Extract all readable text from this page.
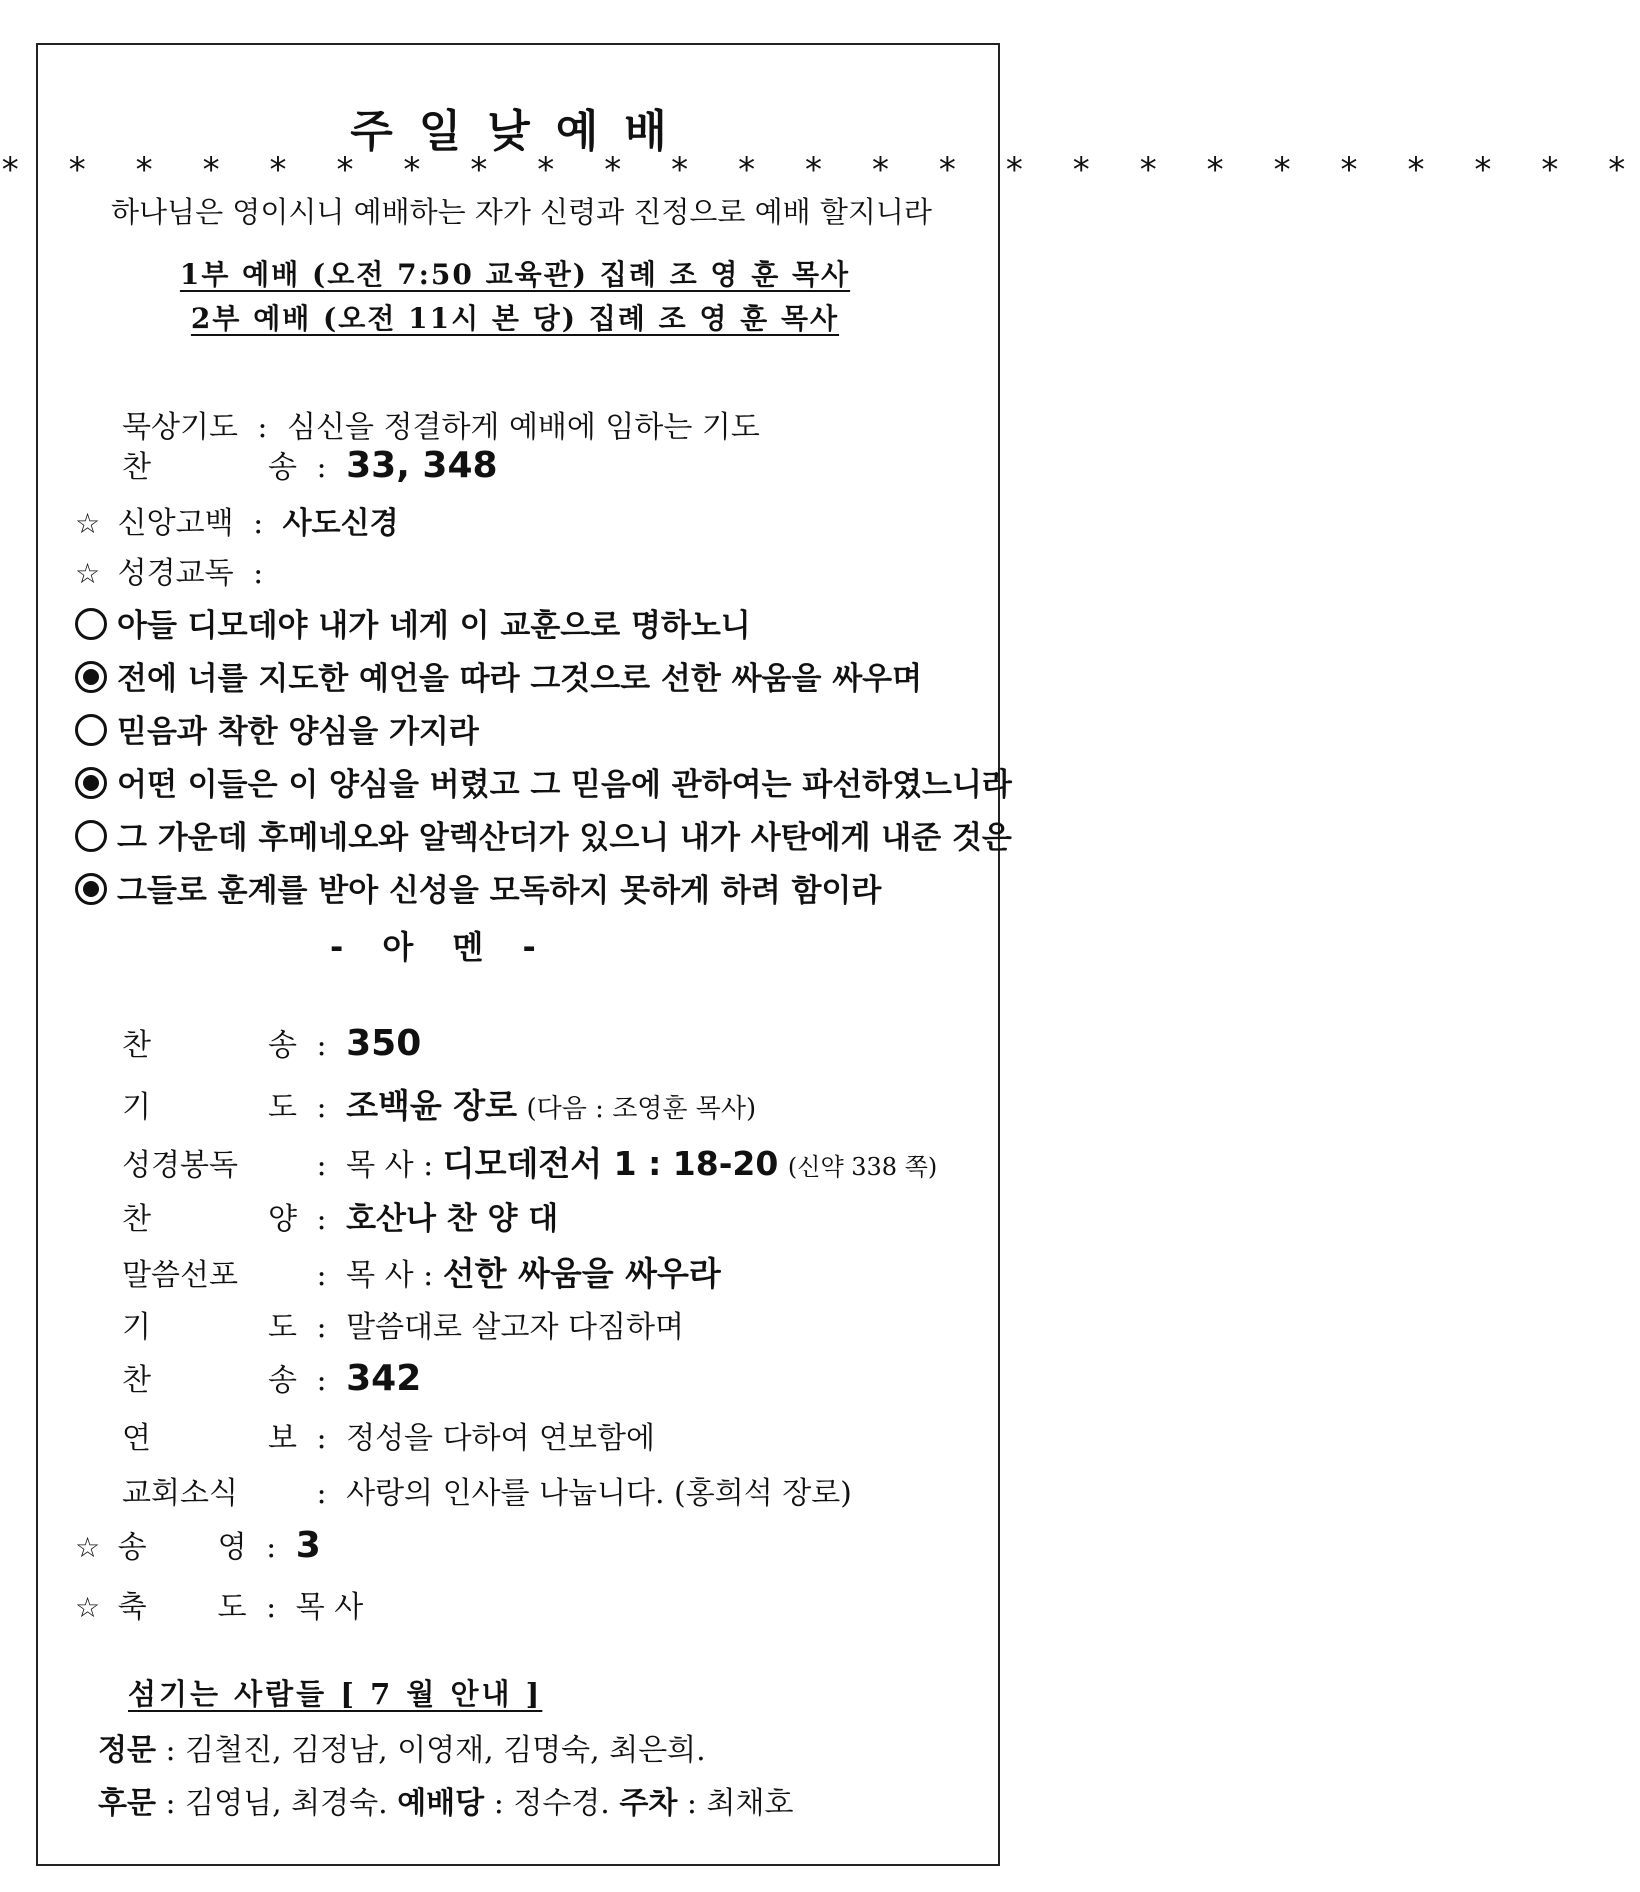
주일낮예배
* * * * * * * * * * * * * * * * * * * * * * * * *
하나님은 영이시니 예배하는 자가 신령과 진정으로 예배 할지니라
1부 예배 (오전 7:50 교육관) 집례 조 영 훈 목사
2부 예배 (오전 11시 본 당) 집례 조 영 훈 목사
묵상기도 : 심신을 정결하게 예배에 임하는 기도
찬 송 : 33, 348
☆ 신앙고백 : 사도신경
☆ 성경교독 :
아들 디모데야 내가 네게 이 교훈으로 명하노니
전에 너를 지도한 예언을 따라 그것으로 선한 싸움을 싸우며
믿음과 착한 양심을 가지라
어떤 이들은 이 양심을 버렸고 그 믿음에 관하여는 파선하였느니라
그 가운데 후메네오와 알렉산더가 있으니 내가 사탄에게 내준 것은
그들로 훈계를 받아 신성을 모독하지 못하게 하려 함이라
- 아 멘 -
찬 송 : 350
기 도 : 조백윤 장로 (다음 : 조영훈 목사)
성경봉독	: 목 사 : 디모데전서 1 : 18-20 (신약 338 쪽)
찬 양 : 호산나 찬 양 대
말씀선포	: 목 사 : 선한 싸움을 싸우라
기 도 : 말씀대로 살고자 다짐하며
찬 송 : 342
연 보 : 정성을 다하여 연보함에
교회소식	: 사랑의 인사를 나눕니다. (홍희석 장로)
☆ 송 영 : 3
☆ 축 도 : 목 사
섬기는 사람들 [ 7 월 안내 ]
정문 : 김철진, 김정남, 이영재, 김명숙, 최은희.
후문 : 김영님, 최경숙. 예배당 : 정수경. 주차 : 최채호
